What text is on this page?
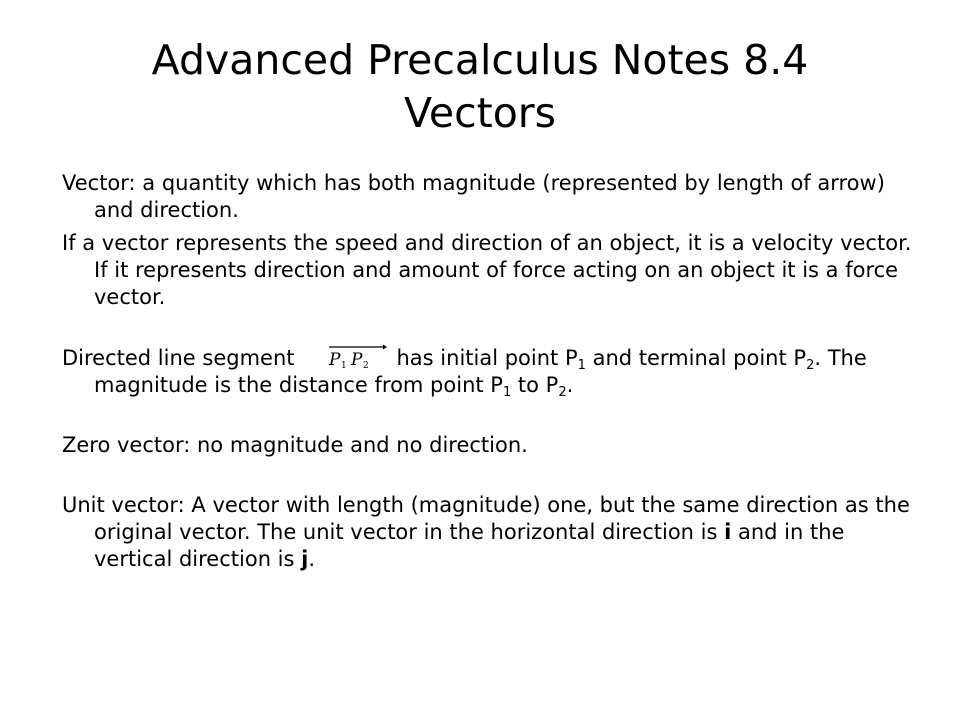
Advanced Precalculus Notes 8.4
Vectors

Vector: a quantity which has both magnitude (represented by length of arrow) and direction.

If a vector represents the speed and direction of an object, it is a velocity vector. If it represents direction and amount of force acting on an object it is a force vector.

Directed line segment P 1 P 2 has initial point $P_1$ and terminal point $P_2$. The magnitude is the distance from point $P_1$ to $P_2$.

Zero vector: no magnitude and no direction.

Unit vector: A vector with length (magnitude) one, but the same direction as the original vector. The unit vector in the horizontal direction is i and in the vertical direction is j.
